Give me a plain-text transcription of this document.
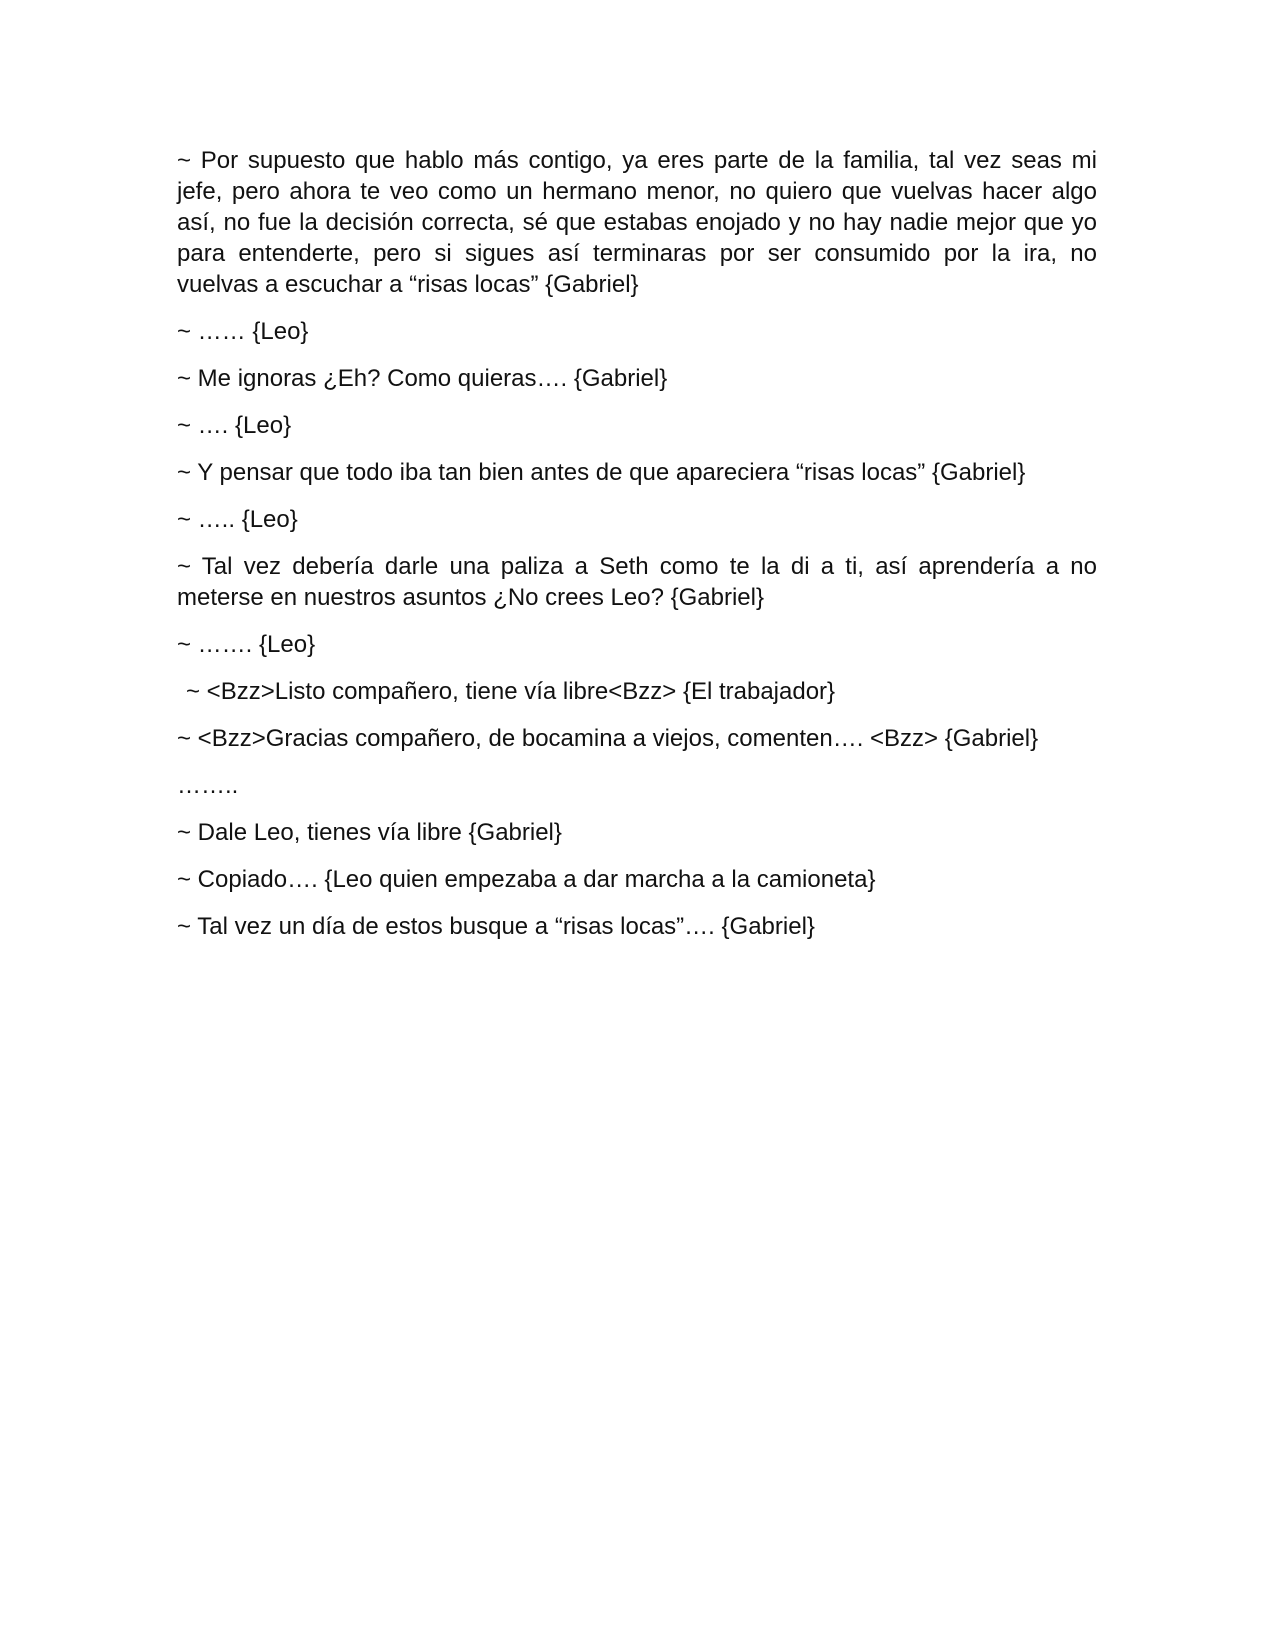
~ Por supuesto que hablo más contigo, ya eres parte de la familia, tal vez seas mi jefe, pero ahora te veo como un hermano menor, no quiero que vuelvas hacer algo así, no fue la decisión correcta, sé que estabas enojado y no hay nadie mejor que yo para entenderte, pero si sigues así terminaras por ser consumido por la ira, no vuelvas a escuchar a “risas locas” {Gabriel}

~ …… {Leo}

~ Me ignoras ¿Eh? Como quieras…. {Gabriel}

~ …. {Leo}

~ Y pensar que todo iba tan bien antes de que apareciera “risas locas” {Gabriel}

~ ….. {Leo}

~ Tal vez debería darle una paliza a Seth como te la di a ti, así aprendería a no meterse en nuestros asuntos ¿No crees Leo? {Gabriel}

~ ……. {Leo}

~ <Bzz>Listo compañero, tiene vía libre<Bzz> {El trabajador}

~ <Bzz>Gracias compañero, de bocamina a viejos, comenten…. <Bzz> {Gabriel}

……..

~ Dale Leo, tienes vía libre {Gabriel}

~ Copiado…. {Leo quien empezaba a dar marcha a la camioneta}

~ Tal vez un día de estos busque a “risas locas”…. {Gabriel}
